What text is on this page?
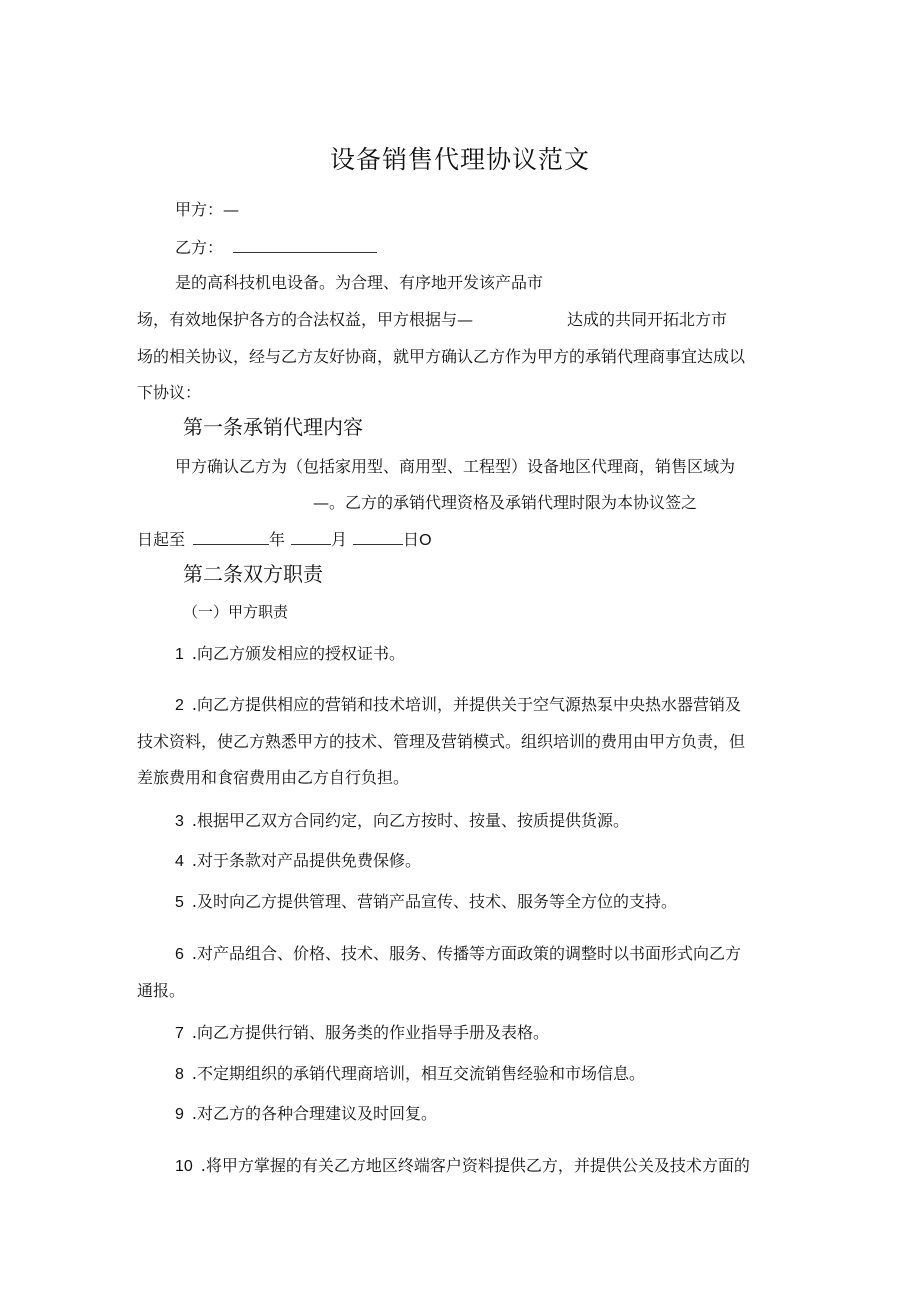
设备销售代理协议范文
甲方：—
乙方：
是的高科技机电设备。为合理、有序地开发该产品市
场，有效地保护各方的合法权益，甲方根据与—	达成的共同开拓北方市
场的相关协议，经与乙方友好协商，就甲方确认乙方作为甲方的承销代理商事宜达成以
下协议：
第一条承销代理内容
甲方确认乙方为（包括家用型、商用型、工程型）设备地区代理商，销售区域为
—。乙方的承销代理资格及承销代理时限为本协议签之
日起至	年	月	日O
第二条双方职责
（一）甲方职责
1 .向乙方颁发相应的授权证书。
2 .向乙方提供相应的营销和技术培训，并提供关于空气源热泵中央热水器营销及
技术资料，使乙方熟悉甲方的技术、管理及营销模式。组织培训的费用由甲方负责，但
差旅费用和食宿费用由乙方自行负担。
3 .根据甲乙双方合同约定，向乙方按时、按量、按质提供货源。
4 .对于条款对产品提供免费保修。
5 .及时向乙方提供管理、营销产品宣传、技术、服务等全方位的支持。
6 .对产品组合、价格、技术、服务、传播等方面政策的调整时以书面形式向乙方
通报。
7 .向乙方提供行销、服务类的作业指导手册及表格。
8 .不定期组织的承销代理商培训，相互交流销售经验和市场信息。
9 .对乙方的各种合理建议及时回复。
10 .将甲方掌握的有关乙方地区终端客户资料提供乙方，并提供公关及技术方面的
